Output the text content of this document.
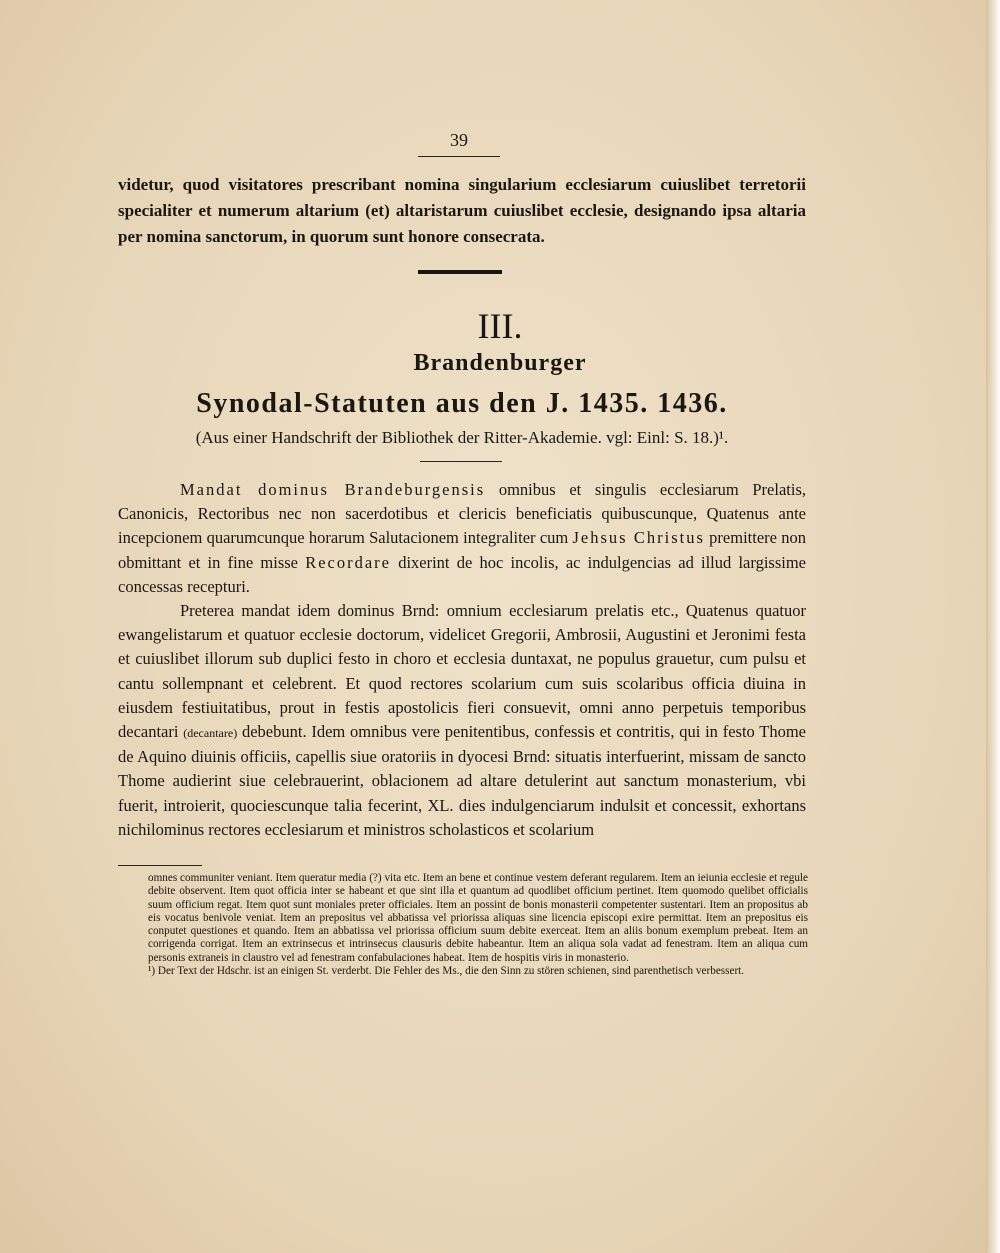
39

videtur, quod visitatores prescribant nomina singularium ecclesiarum cuiuslibet terretorii specialiter et numerum altarium (et) altaristarum cuiuslibet ecclesie, designando ipsa altaria per nomina sanctorum, in quorum sunt honore consecrata.

III.
Brandenburger
Synodal-Statuten aus den J. 1435. 1436.
(Aus einer Handschrift der Bibliothek der Ritter-Akademie. vgl: Einl: S. 18.)¹.

Mandat dominus Brandeburgensis omnibus et singulis ecclesiarum Prelatis, Canonicis, Rectoribus nec non sacerdotibus et clericis beneficiatis quibuscunque, Quatenus ante incepcionem quarumcunque horarum Salutacionem integraliter cum Jehsus Christus premittere non obmittant et in fine misse Recordare dixerint de hoc incolis, ac indulgencias ad illud largissime concessas recepturi.

Preterea mandat idem dominus Brnd: omnium ecclesiarum prelatis etc., Quatenus quatuor ewangelistarum et quatuor ecclesie doctorum, videlicet Gregorii, Ambrosii, Augustini et Jeronimi festa et cuiuslibet illorum sub duplici festo in choro et ecclesia duntaxat, ne populus grauetur, cum pulsu et cantu sollempnant et celebrent. Et quod rectores scolarium cum suis scolaribus officia diuina in eiusdem festiuitatibus, prout in festis apostolicis fieri consuevit, omni anno perpetuis temporibus decantari (decantare) debebunt. Idem omnibus vere penitentibus, confessis et contritis, qui in festo Thome de Aquino diuinis officiis, capellis siue oratoriis in dyocesi Brnd: situatis interfuerint, missam de sancto Thome audierint siue celebrauerint, oblacionem ad altare detulerint aut sanctum monasterium, vbi fuerit, introierit, quociescunque talia fecerint, XL. dies indulgenciarum indulsit et concessit, exhortans nichilominus rectores ecclesiarum et ministros scholasticos et scolarium

omnes communiter veniant. Item queratur media (?) vita etc. Item an bene et continue vestem deferant regularem. Item an ieiunia ecclesie et regule debite observent. Item quot officia inter se habeant et que sint illa et quantum ad quodlibet officium pertinet. Item quomodo quelibet officialis suum officium regat. Item quot sunt moniales preter officiales. Item an possint de bonis monasterii competenter sustentari. Item an propositus ab eis vocatus benivole veniat. Item an prepositus vel abbatissa vel priorissa aliquas sine licencia episcopi exire permittat. Item an prepositus eis conputet questiones et quando. Item an abbatissa vel priorissa officium suum debite exerceat. Item an aliis bonum exemplum prebeat. Item an corrigenda corrigat. Item an extrinsecus et intrinsecus clausuris debite habeantur. Item an aliqua sola vadat ad fenestram. Item an aliqua cum personis extraneis in claustro vel ad fenestram confabulaciones habeat. Item de hospitis viris in monasterio.

¹) Der Text der Hdschr. ist an einigen St. verderbt. Die Fehler des Ms., die den Sinn zu stören schienen, sind parenthetisch verbessert.
